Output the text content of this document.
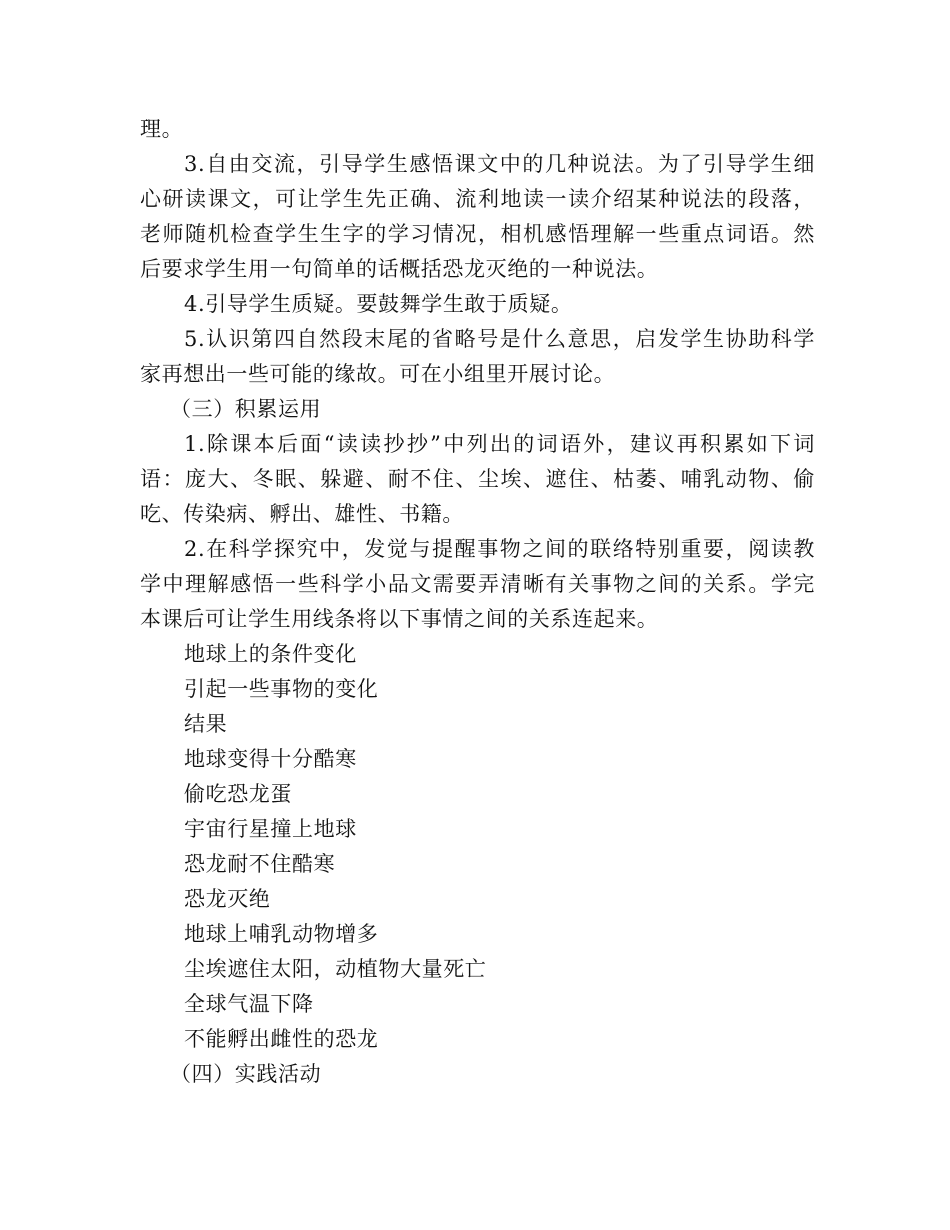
理。
3.自由交流，引导学生感悟课文中的几种说法。为了引导学生细
心研读课文，可让学生先正确、流利地读一读介绍某种说法的段落，
老师随机检查学生生字的学习情况，相机感悟理解一些重点词语。然
后要求学生用一句简单的话概括恐龙灭绝的一种说法。
4.引导学生质疑。要鼓舞学生敢于质疑。
5.认识第四自然段末尾的省略号是什么意思，启发学生协助科学
家再想出一些可能的缘故。可在小组里开展讨论。
（三）积累运用
1.除课本后面“读读抄抄”中列出的词语外，建议再积累如下词
语：庞大、冬眠、躲避、耐不住、尘埃、遮住、枯萎、哺乳动物、偷
吃、传染病、孵出、雄性、书籍。
2.在科学探究中，发觉与提醒事物之间的联络特别重要，阅读教
学中理解感悟一些科学小品文需要弄清晰有关事物之间的关系。学完
本课后可让学生用线条将以下事情之间的关系连起来。
地球上的条件变化
引起一些事物的变化
结果
地球变得十分酷寒
偷吃恐龙蛋
宇宙行星撞上地球
恐龙耐不住酷寒
恐龙灭绝
地球上哺乳动物增多
尘埃遮住太阳，动植物大量死亡
全球气温下降
不能孵出雌性的恐龙
（四）实践活动
